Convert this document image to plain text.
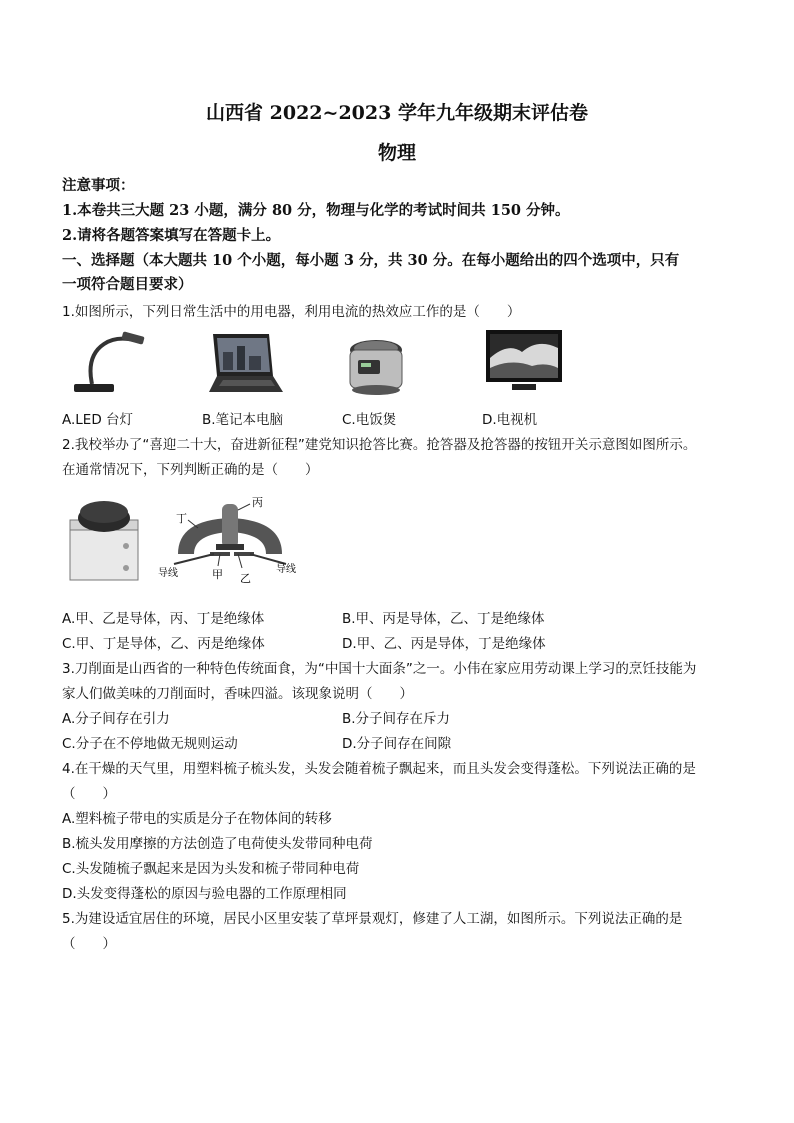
山西省 2022~2023 学年九年级期末评估卷
物理
注意事项：
1.本卷共三大题 23 小题，满分 80 分，物理与化学的考试时间共 150 分钟。
2.请将各题答案填写在答题卡上。
一、选择题（本大题共 10 个小题，每小题 3 分，共 30 分。在每小题给出的四个选项中，只有
一项符合题目要求）
1.如图所示，下列日常生活中的用电器，利用电流的热效应工作的是（　　）
A.LED 台灯	B.笔记本电脑	C.电饭煲	D.电视机
2.我校举办了“喜迎二十大，奋进新征程”建党知识抢答比赛。抢答器及抢答器的按钮开关示意图如图所示。
在通常情况下，下列判断正确的是（　　）
丙
丁
甲 乙
导线	导线
A.甲、乙是导体，丙、丁是绝缘体	B.甲、丙是导体，乙、丁是绝缘体
C.甲、丁是导体，乙、丙是绝缘体	D.甲、乙、丙是导体，丁是绝缘体
3.刀削面是山西省的一种特色传统面食，为“中国十大面条”之一。小伟在家应用劳动课上学习的烹饪技能为
家人们做美味的刀削面时，香味四溢。该现象说明（　　）
A.分子间存在引力	B.分子间存在斥力
C.分子在不停地做无规则运动	D.分子间存在间隙
4.在干燥的天气里，用塑料梳子梳头发，头发会随着梳子飘起来，而且头发会变得蓬松。下列说法正确的是
（　　）
A.塑料梳子带电的实质是分子在物体间的转移
B.梳头发用摩擦的方法创造了电荷使头发带同种电荷
C.头发随梳子飘起来是因为头发和梳子带同种电荷
D.头发变得蓬松的原因与验电器的工作原理相同
5.为建设适宜居住的环境，居民小区里安装了草坪景观灯，修建了人工湖，如图所示。下列说法正确的是
（　　）
